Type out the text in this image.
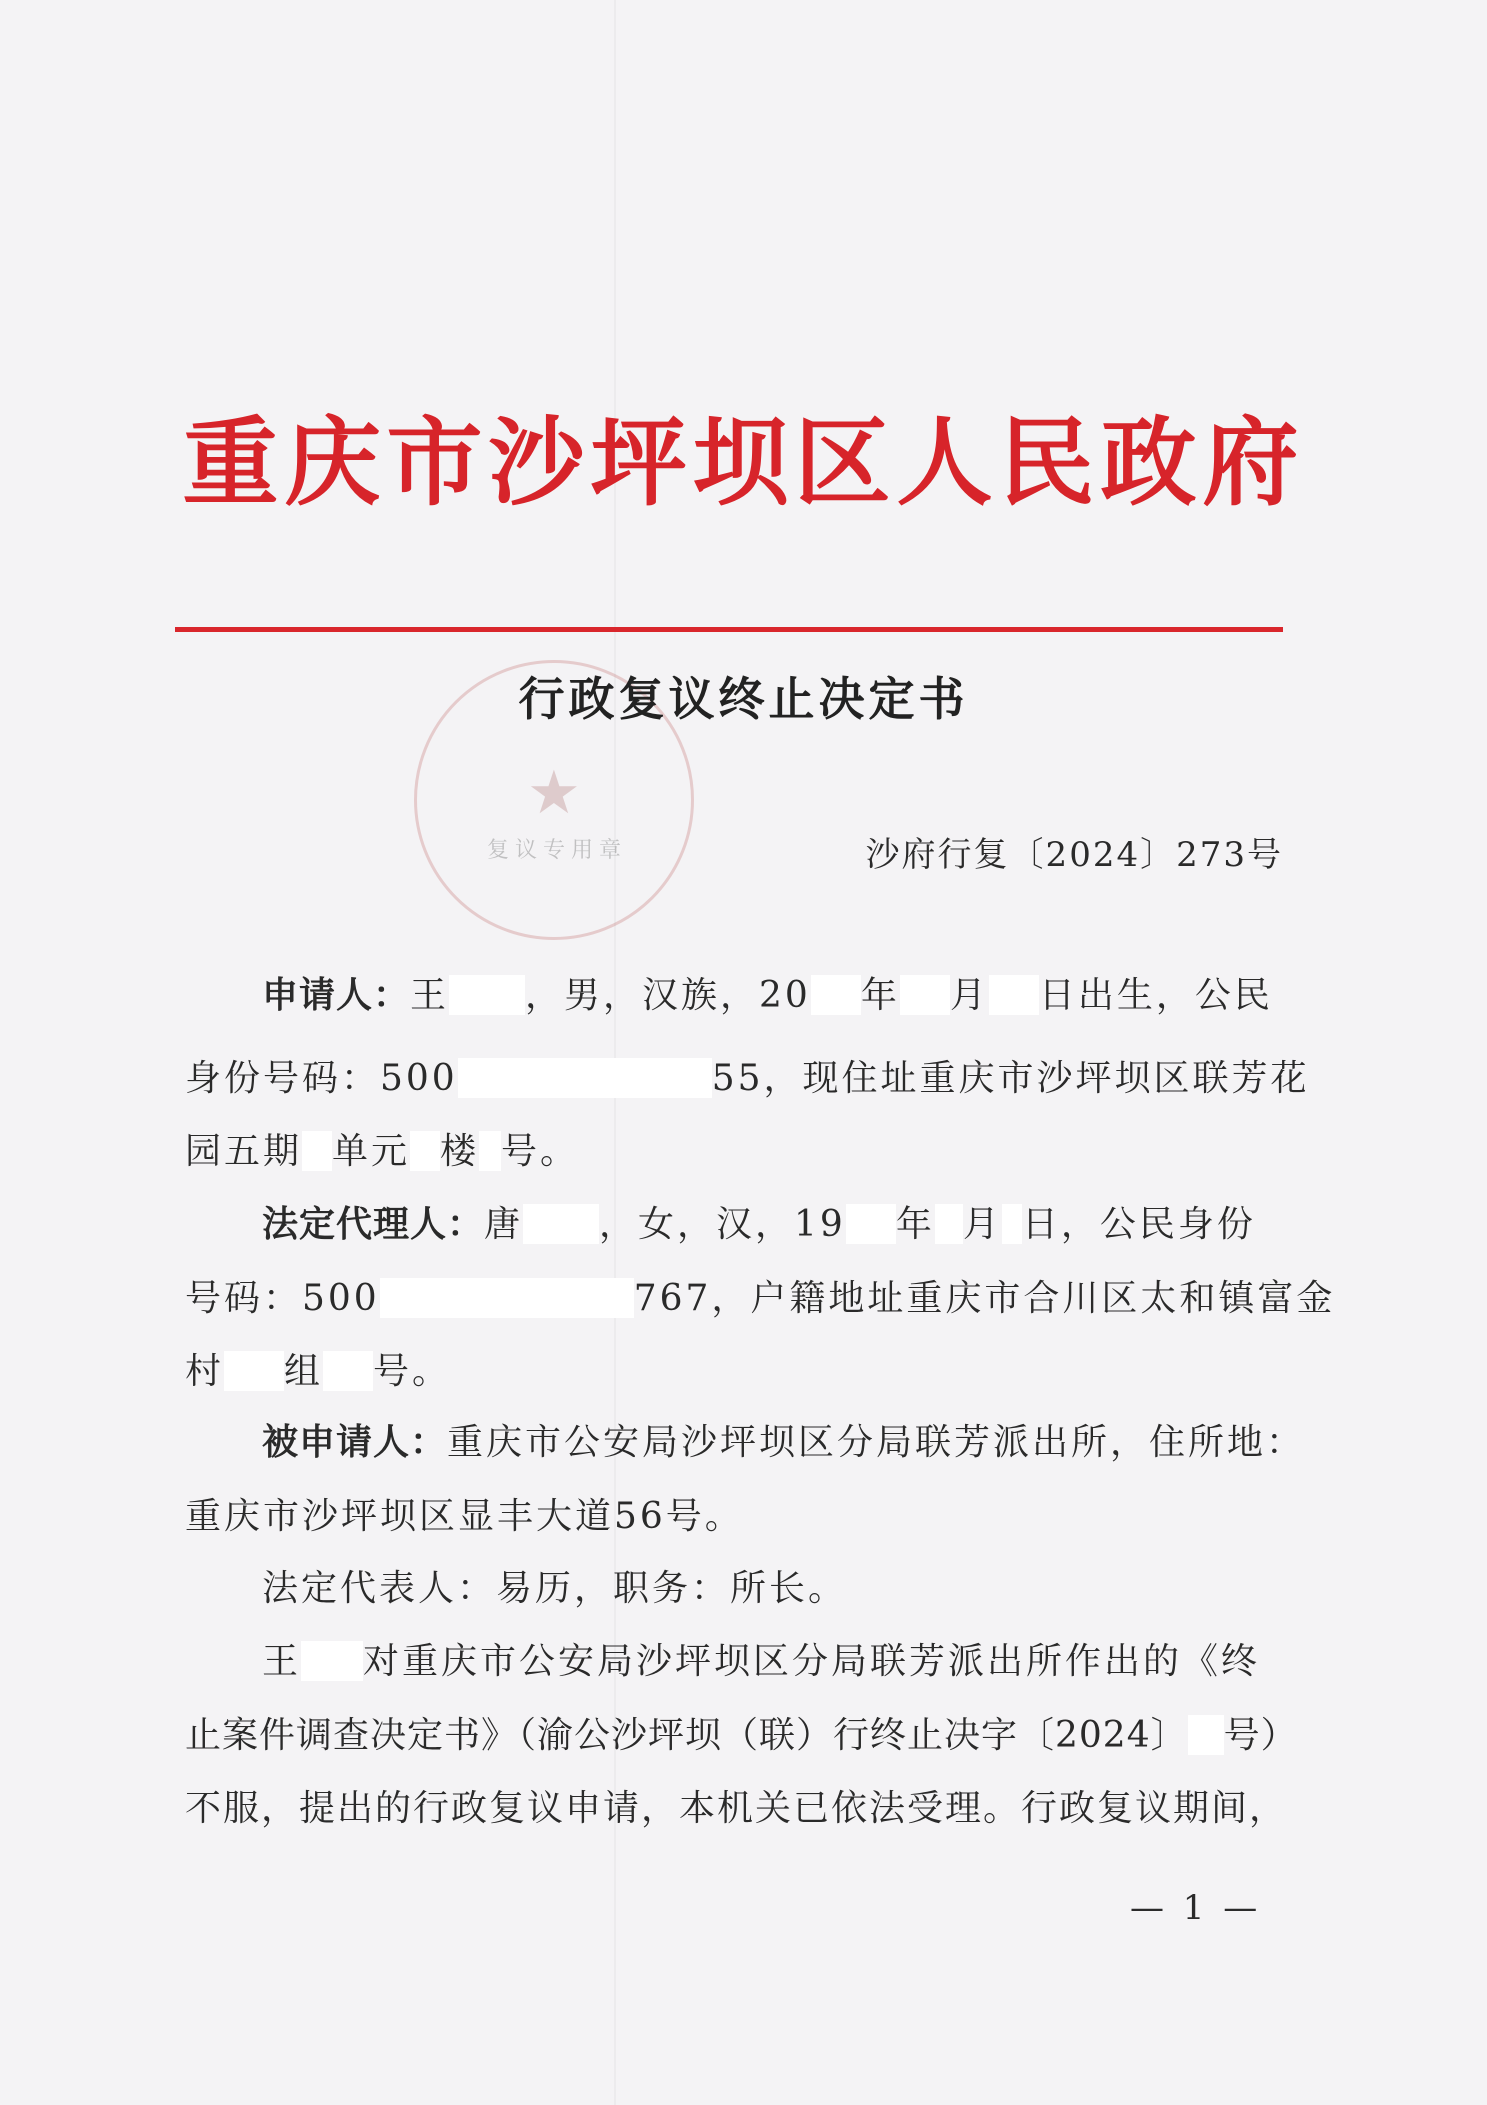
★
复议专用章
重庆市沙坪坝区人民政府
行政复议终止决定书
沙府行复〔2024〕273号
申请人：王 ，男，汉族，20 年 月 日出生，公民
身份号码：500	55，现住址重庆市沙坪坝区联芳花
园五期 单元 楼 号。
法定代理人：唐 ，女，汉，19 年 月 日，公民身份
号码：500	767，户籍地址重庆市合川区太和镇富金
村 组 号。
被申请人：重庆市公安局沙坪坝区分局联芳派出所，住所地：
重庆市沙坪坝区显丰大道56号。
法定代表人：易历，职务：所长。
王 对重庆市公安局沙坪坝区分局联芳派出所作出的《终
止案件调查决定书》（渝公沙坪坝（联）行终止决字〔2024〕 号）
不服，提出的行政复议申请，本机关已依法受理。行政复议期间，
— 1 —
